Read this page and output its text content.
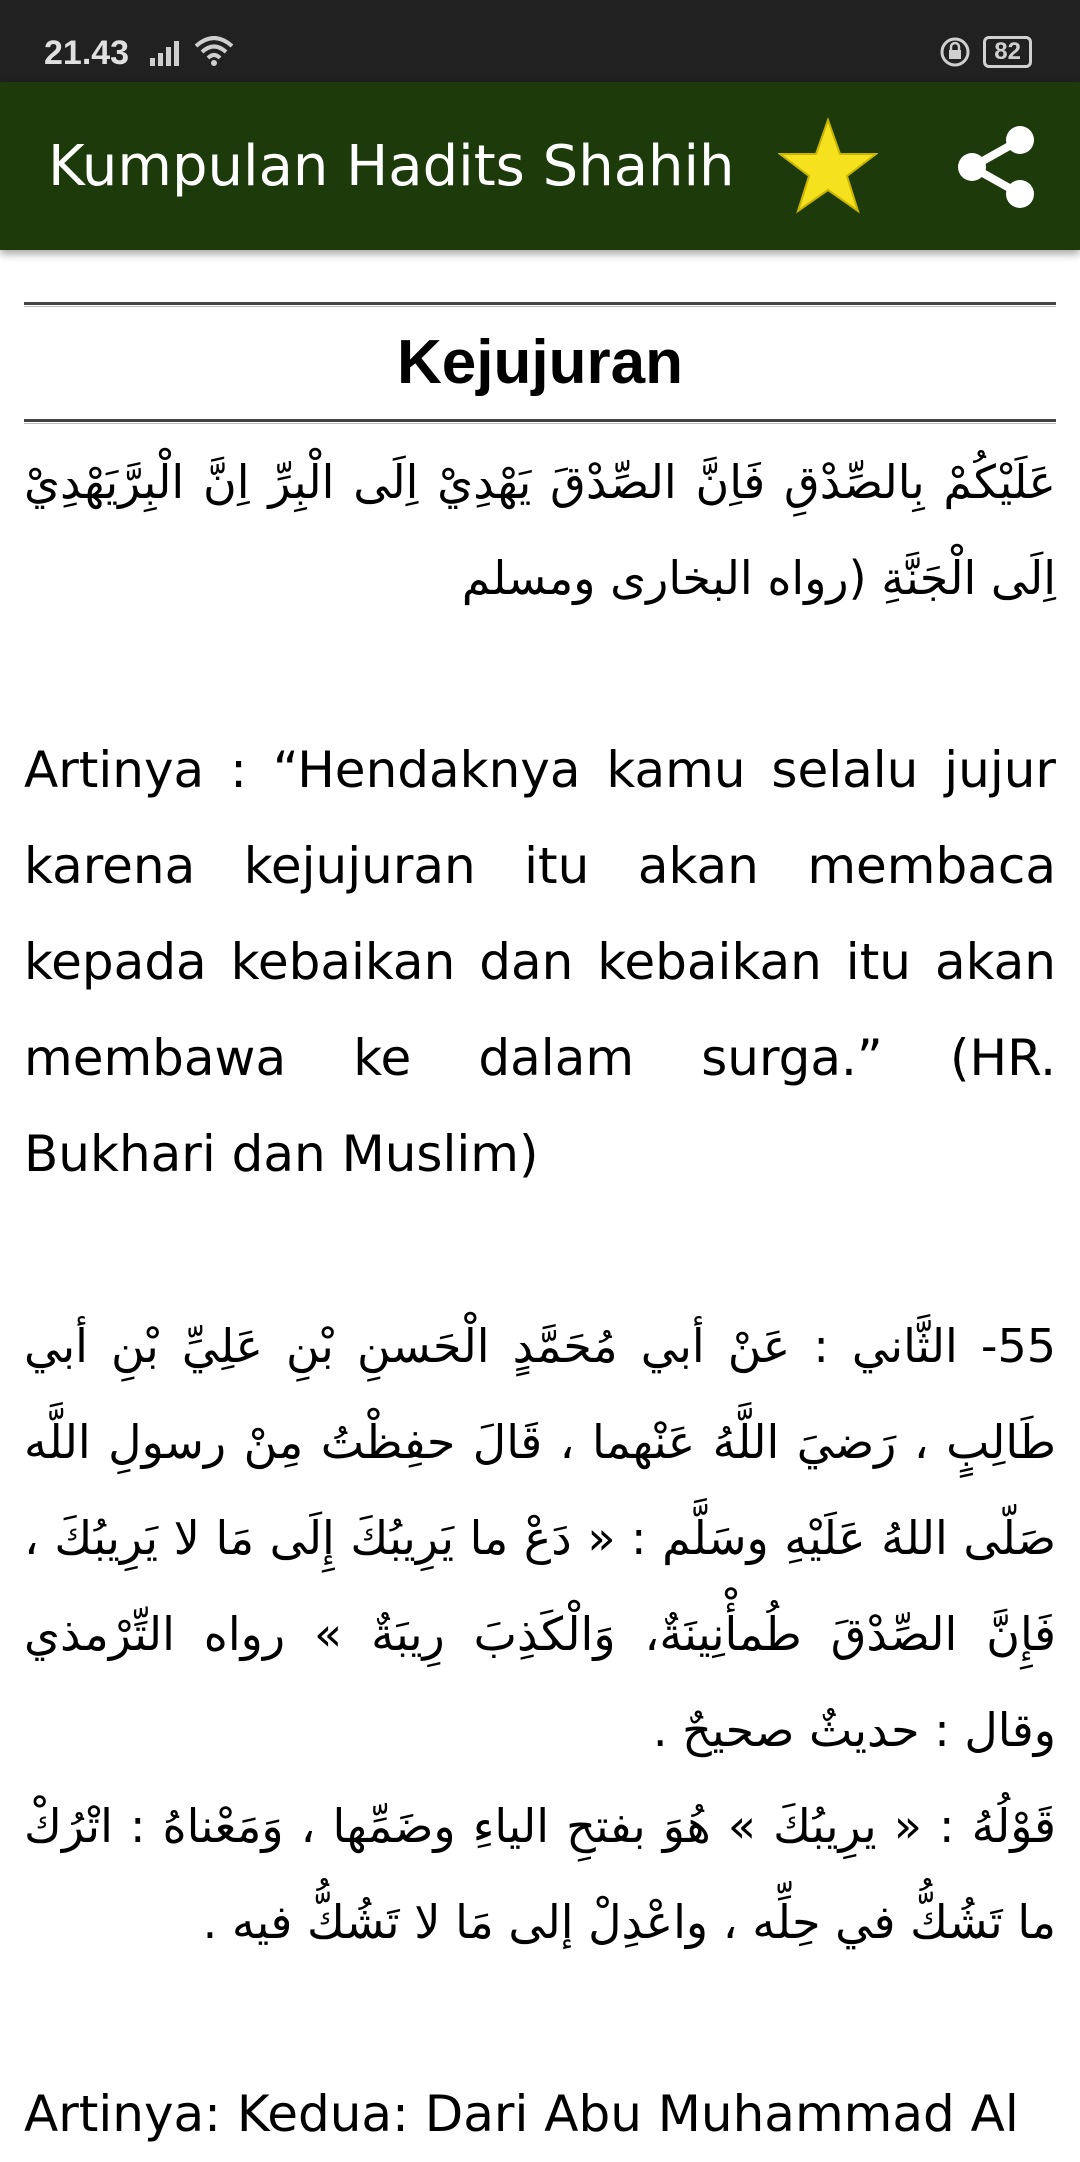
21.43	82
Kumpulan Hadits Shahih
Kejujuran

عَلَيْكُمْ بِالصِّدْقِ فَاِنَّ الصِّدْقَ يَهْدِيْ اِلَى الْبِرِّ اِنَّ الْبِرَّيَهْدِيْ اِلَى الْجَنَّةِ (رواه البخارى ومسلم

Artinya : “Hendaknya kamu selalu jujur karena kejujuran itu akan membaca kepada kebaikan dan kebaikan itu akan membawa ke dalam surga.” (HR. Bukhari dan Muslim)

55- الثَّاني : عَنْ أبي مُحَمَّدٍ الْحَسنِ بْنِ عَلِيِّ بْنِ أبي طَالِبٍ ، رَضيَ اللَّهُ عَنْهما ، قَالَ حفِظْتُ مِنْ رسولِ اللَّه صَلّى اللهُ عَلَيْهِ وسَلَّم : « دَعْ ما يَرِيبُكَ إِلَى مَا لا يَرِيبُكَ ، فَإِنَّ الصِّدْقَ طُمأْنِينَةٌ، وَالْكَذِبَ رِيبَةٌ » رواه التِّرْمذي وقال : حديثٌ صحيحٌ .

قَوْلُهُ : « يرِيبُكَ » هُوَ بفتحِ الياءِ وضَمِّها ، وَمَعْناهُ : اتْرُكْ ما تَشُكُّ في حِلِّه ، واعْدِلْ إلى مَا لا تَشُكُّ فيه .

Artinya: Kedua: Dari Abu Muhammad Al
